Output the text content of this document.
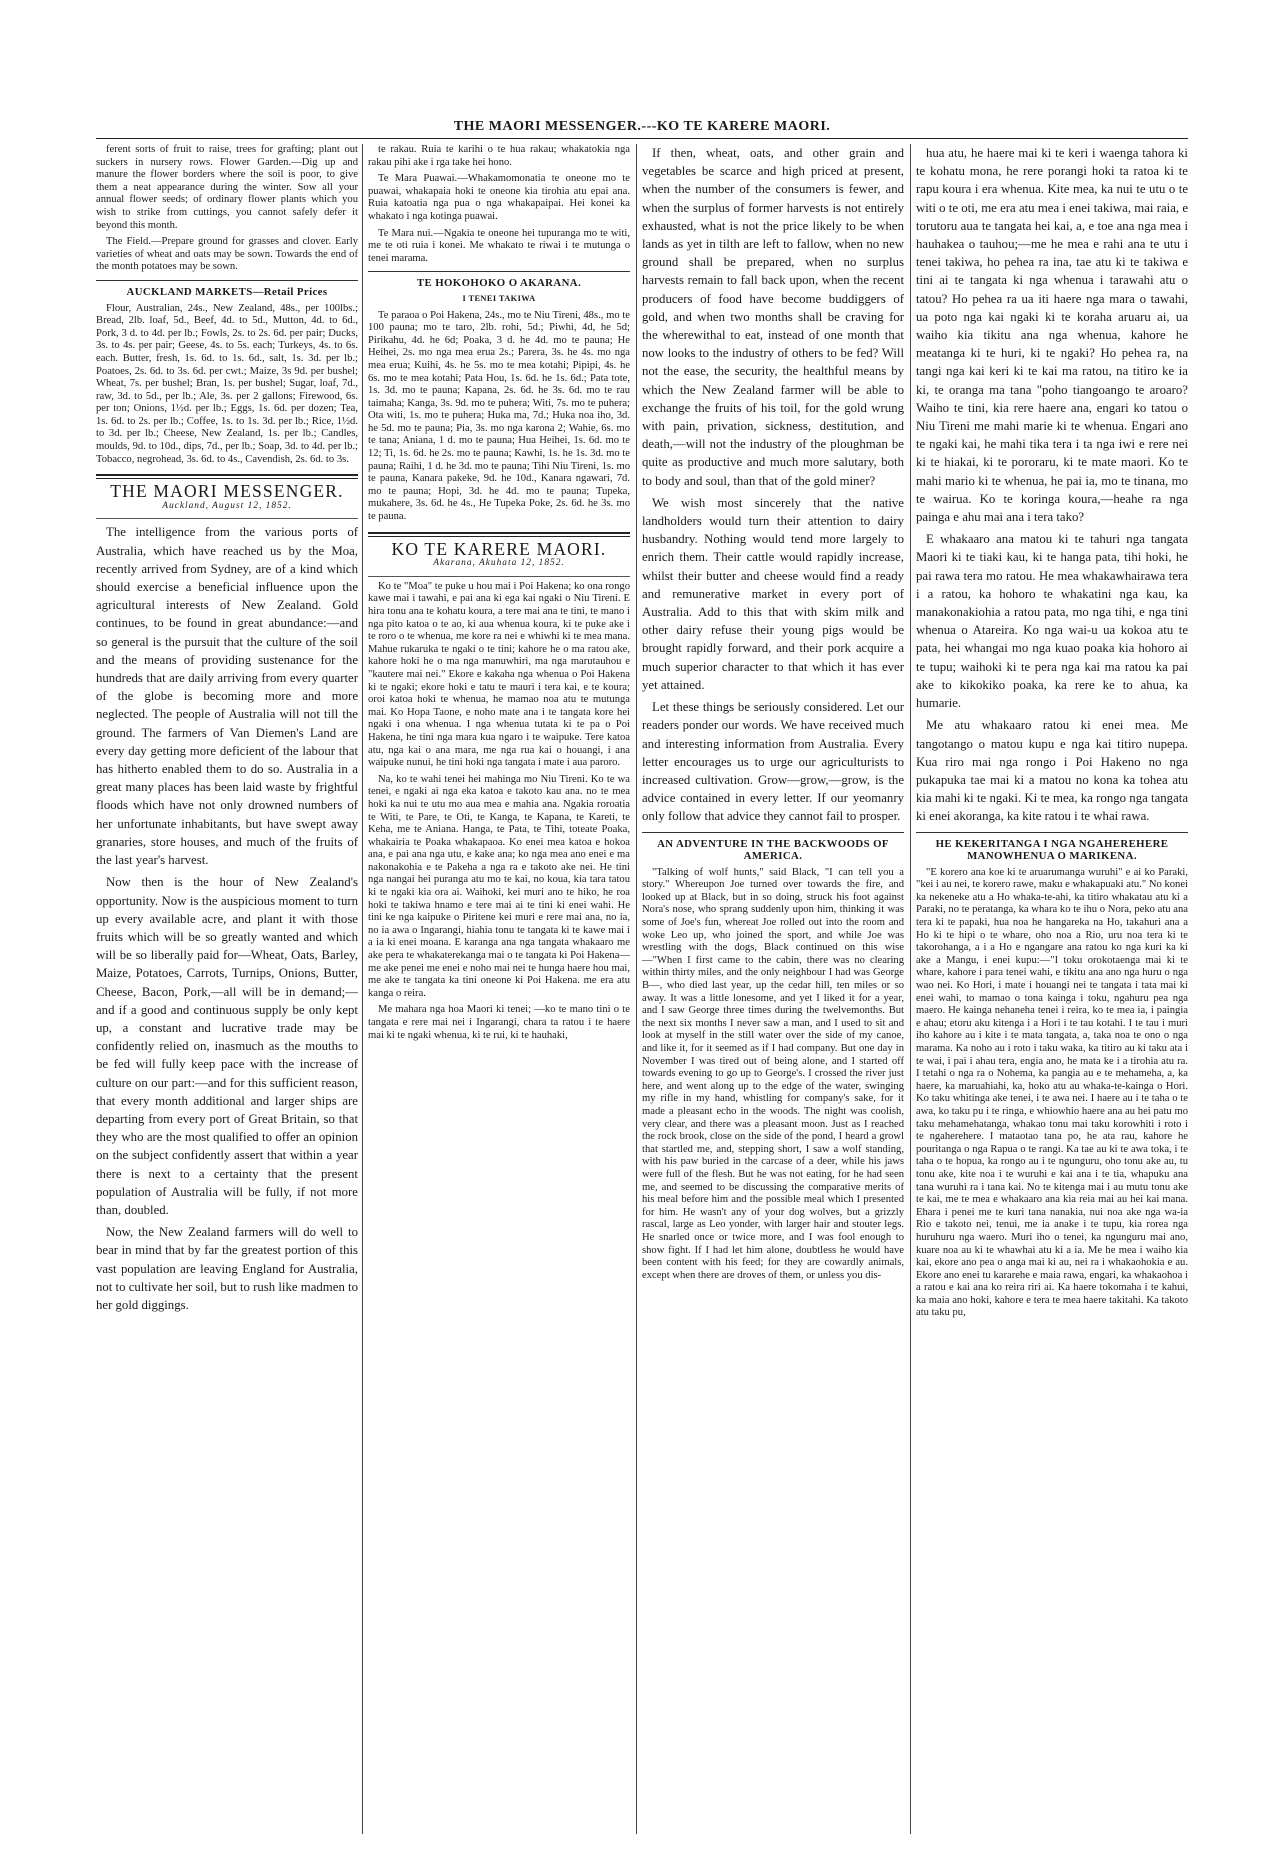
THE MAORI MESSENGER.---KO TE KARERE MAORI.

ferent sorts of fruit to raise, trees for grafting; plant out suckers in nursery rows. Flower Garden.—Dig up and manure the flower borders where the soil is poor, to give them a neat appearance during the winter. Sow all your annual flower seeds; of ordinary flower plants which you wish to strike from cuttings, you cannot safely defer it beyond this month.

The Field.—Prepare ground for grasses and clover. Early varieties of wheat and oats may be sown. Towards the end of the month potatoes may be sown.

AUCKLAND MARKETS—Retail Prices

Flour, Australian, 24s., New Zealand, 48s., per 100lbs.; Bread, 2lb. loaf, 5d., Beef, 4d. to 5d., Mutton, 4d. to 6d., Pork, 3 d. to 4d. per lb.; Fowls, 2s. to 2s. 6d. per pair; Ducks, 3s. to 4s. per pair; Geese, 4s. to 5s. each; Turkeys, 4s. to 6s. each. Butter, fresh, 1s. 6d. to 1s. 6d., salt, 1s. 3d. per lb.; Poatoes, 2s. 6d. to 3s. 6d. per cwt.; Maize, 3s 9d. per bushel; Wheat, 7s. per bushel; Bran, 1s. per bushel; Sugar, loaf, 7d., raw, 3d. to 5d., per lb.; Ale, 3s. per 2 gallons; Firewood, 6s. per ton; Onions, 1½d. per lb.; Eggs, 1s. 6d. per dozen; Tea, 1s. 6d. to 2s. per lb.; Coffee, 1s. to 1s. 3d. per lb.; Rice, 1½d. to 3d. per lb.; Cheese, New Zealand, 1s. per lb.; Candles, moulds, 9d. to 10d., dips, 7d., per lb.; Soap, 3d. to 4d. per lb.; Tobacco, negrohead, 3s. 6d. to 4s., Cavendish, 2s. 6d. to 3s.

THE MAORI MESSENGER.
Auckland, August 12, 1852.

The intelligence from the various ports of Australia, which have reached us by the Moa, recently arrived from Sydney, are of a kind which should exercise a beneficial influence upon the agricultural interests of New Zealand. Gold continues, to be found in great abundance:—and so general is the pursuit that the culture of the soil and the means of providing sustenance for the hundreds that are daily arriving from every quarter of the globe is becoming more and more neglected. The people of Australia will not till the ground. The farmers of Van Diemen's Land are every day getting more deficient of the labour that has hitherto enabled them to do so. Australia in a great many places has been laid waste by frightful floods which have not only drowned numbers of her unfortunate inhabitants, but have swept away granaries, store houses, and much of the fruits of the last year's harvest.

Now then is the hour of New Zealand's opportunity. Now is the auspicious moment to turn up every available acre, and plant it with those fruits which will be so greatly wanted and which will be so liberally paid for—Wheat, Oats, Barley, Maize, Potatoes, Carrots, Turnips, Onions, Butter, Cheese, Bacon, Pork,—all will be in demand;—and if a good and continuous supply be only kept up, a constant and lucrative trade may be confidently relied on, inasmuch as the mouths to be fed will fully keep pace with the increase of culture on our part:—and for this sufficient reason, that every month additional and larger ships are departing from every port of Great Britain, so that they who are the most qualified to offer an opinion on the subject confidently assert that within a year there is next to a certainty that the present population of Australia will be fully, if not more than, doubled.

Now, the New Zealand farmers will do well to bear in mind that by far the greatest portion of this vast population are leaving England for Australia, not to cultivate her soil, but to rush like madmen to her gold diggings.

te rakau. Ruia te karihi o te hua rakau; whakatokia nga rakau pihi ake i rga take hei hono.

Te Mara Puawai.—Whakamomonatia te oneone mo te puawai, whakapaia hoki te oneone kia tirohia atu epai ana. Ruia katoatia nga pua o nga whakapaipai. Hei konei ka whakato i nga kotinga puawai.

Te Mara nui.—Ngakia te oneone hei tupuranga mo te witi, me te oti ruia i konei. Me whakato te riwai i te mutunga o tenei marama.

TE HOKOHOKO O AKARANA.
I TENEI TAKIWA

Te paraoa o Poi Hakena, 24s., mo te Niu Tireni, 48s., mo te 100 pauna; mo te taro, 2lb. rohi, 5d.; Piwhi, 4d, he 5d; Pirikahu, 4d. he 6d; Poaka, 3 d. he 4d. mo te pauna; He Heihei, 2s. mo nga mea erua 2s.; Parera, 3s. he 4s. mo nga mea erua; Kuihi, 4s. he 5s. mo te mea kotahi; Pipipi, 4s. he 6s. mo te mea kotahi; Pata Hou, 1s. 6d. he 1s. 6d.; Pata tote, 1s. 3d. mo te pauna; Kapana, 2s. 6d. he 3s. 6d. mo te rau taimaha; Kanga, 3s. 9d. mo te puhera; Witi, 7s. mo te puhera; Ota witi, 1s. mo te puhera; Huka ma, 7d.; Huka noa iho, 3d. he 5d. mo te pauna; Pia, 3s. mo nga karona 2; Wahie, 6s. mo te tana; Aniana, 1 d. mo te pauna; Hua Heihei, 1s. 6d. mo te 12; Ti, 1s. 6d. he 2s. mo te pauna; Kawhi, 1s. he 1s. 3d. mo te pauna; Raihi, 1 d. he 3d. mo te pauna; Tihi Niu Tireni, 1s. mo te pauna, Kanara pakeke, 9d. he 10d., Kanara ngawari, 7d. mo te pauna; Hopi, 3d. he 4d. mo te pauna; Tupeka, mukahere, 3s. 6d. he 4s., He Tupeka Poke, 2s. 6d. he 3s. mo te pauna.

KO TE KARERE MAORI.
Akarana, Akuhata 12, 1852.

Ko te "Moa" te puke u hou mai i Poi Hakena; ko ona rongo kawe mai i tawahi, e pai ana ki ega kai ngaki o Niu Tireni. E hira tonu ana te kohatu koura, a tere mai ana te tini, te mano i nga pito katoa o te ao, ki aua whenua koura, ki te puke ake i te roro o te whenua, me kore ra nei e whiwhi ki te mea mana. Mahue rukaruka te ngaki o te tini; kahore he o ma ratou ake, kahore hoki he o ma nga manuwhiri, ma nga marutauhou e "kautere mai nei." Ekore e kakaha nga whenua o Poi Hakena ki te ngaki; ekore hoki e tatu te mauri i tera kai, e te koura; oroi katoa hoki te whenua, he mamao noa atu te mutunga mai. Ko Hopa Taone, e noho mate ana i te tangata kore hei ngaki i ona whenua. I nga whenua tutata ki te pa o Poi Hakena, he tini nga mara kua ngaro i te waipuke. Tere katoa atu, nga kai o ana mara, me nga rua kai o houangi, i ana waipuke nunui, he tini hoki nga tangata i mate i aua paroro.

Na, ko te wahi tenei hei mahinga mo Niu Tireni. Ko te wa tenei, e ngaki ai nga eka katoa e takoto kau ana. no te mea hoki ka nui te utu mo aua mea e mahia ana. Ngakia roroatia te Witi, te Pare, te Oti, te Kanga, te Kapana, te Kareti, te Keha, me te Aniana. Hanga, te Pata, te Tihi, toteate Poaka, whakairia te Poaka whakapaoa. Ko enei mea katoa e hokoa ana, e pai ana nga utu, e kake ana; ko nga mea ano enei e ma nakonakohia e te Pakeha a nga ra e takoto ake nei. He tini nga nangai hei puranga atu mo te kai, no koua, kia tara tatou ki te ngaki kia ora ai. Waihoki, kei muri ano te hiko, he roa hoki te takiwa hnamo e tere mai ai te tini ki enei wahi. He tini ke nga kaipuke o Piritene kei muri e rere mai ana, no ia, no ia awa o Ingarangi, hiahia tonu te tangata ki te kawe mai i a ia ki enei moana. E karanga ana nga tangata whakaaro me ake pera te whakaterekanga mai o te tangata ki Poi Hakena—me ake penei me enei e noho mai nei te hunga haere hou mai, me ake te tangata ka tini oneone ki Poi Hakena. me era atu kanga o reira.

Me mahara nga hoa Maori ki tenei; —ko te mano tini o te tangata e rere mai nei i Ingarangi, chara ta ratou i te haere mai ki te ngaki whenua, ki te rui, ki te hauhaki,

If then, wheat, oats, and other grain and vegetables be scarce and high priced at present, when the number of the consumers is fewer, and when the surplus of former harvests is not entirely exhausted, what is not the price likely to be when lands as yet in tilth are left to fallow, when no new ground shall be prepared, when no surplus harvests remain to fall back upon, when the recent producers of food have become buddiggers of gold, and when two months shall be craving for the wherewithal to eat, instead of one month that now looks to the industry of others to be fed? Will not the ease, the security, the healthful means by which the New Zealand farmer will be able to exchange the fruits of his toil, for the gold wrung with pain, privation, sickness, destitution, and death,—will not the industry of the ploughman be quite as productive and much more salutary, both to body and soul, than that of the gold miner?

We wish most sincerely that the native landholders would turn their attention to dairy husbandry. Nothing would tend more largely to enrich them. Their cattle would rapidly increase, whilst their butter and cheese would find a ready and remunerative market in every port of Australia. Add to this that with skim milk and other dairy refuse their young pigs would be brought rapidly forward, and their pork acquire a much superior character to that which it has ever yet attained.

Let these things be seriously considered. Let our readers ponder our words. We have received much and interesting information from Australia. Every letter encourages us to urge our agriculturists to increased cultivation. Grow—grow,—grow, is the advice contained in every letter. If our yeomanry only follow that advice they cannot fail to prosper.

AN ADVENTURE IN THE BACKWOODS OF AMERICA.

"Talking of wolf hunts," said Black, "I can tell you a story." Whereupon Joe turned over towards the fire, and looked up at Black, but in so doing, struck his foot against Nora's nose, who sprang suddenly upon him, thinking it was some of Joe's fun, whereat Joe rolled out into the room and woke Leo up, who joined the sport, and while Joe was wrestling with the dogs, Black continued on this wise—"When I first came to the cabin, there was no clearing within thirty miles, and the only neighbour I had was George B—, who died last year, up the cedar hill, ten miles or so away. It was a little lonesome, and yet I liked it for a year, and I saw George three times during the twelvemonths. But the next six months I never saw a man, and I used to sit and look at myself in the still water over the side of my canoe, and like it, for it seemed as if I had company. But one day in November I was tired out of being alone, and I started off towards evening to go up to George's. I crossed the river just here, and went along up to the edge of the water, swinging my rifle in my hand, whistling for company's sake, for it made a pleasant echo in the woods. The night was coolish, very clear, and there was a pleasant moon. Just as I reached the rock brook, close on the side of the pond, I heard a growl that startled me, and, stepping short, I saw a wolf standing, with his paw buried in the carcase of a deer, while his jaws were full of the flesh. But he was not eating, for he had seen me, and seemed to be discussing the comparative merits of his meal before him and the possible meal which I presented for him. He wasn't any of your dog wolves, but a grizzly rascal, large as Leo yonder, with larger hair and stouter legs. He snarled once or twice more, and I was fool enough to show fight. If I had let him alone, doubtless he would have been content with his feed; for they are cowardly animals, except when there are droves of them, or unless you dis-

hua atu, he haere mai ki te keri i waenga tahora ki te kohatu mona, he rere porangi hoki ta ratoa ki te rapu koura i era whenua. Kite mea, ka nui te utu o te witi o te oti, me era atu mea i enei takiwa, mai raia, e torutoru aua te tangata hei kai, a, e toe ana nga mea i hauhakea o tauhou;—me he mea e rahi ana te utu i tenei takiwa, ho pehea ra ina, tae atu ki te takiwa e tini ai te tangata ki nga whenua i tarawahi atu o tatou? Ho pehea ra ua iti haere nga mara o tawahi, ua poto nga kai ngaki ki te koraha aruaru ai, ua waiho kia tikitu ana nga whenua, kahore he meatanga ki te huri, ki te ngaki? Ho pehea ra, na tangi nga kai keri ki te kai ma ratou, na titiro ke ia ki, te oranga ma tana "poho tiangoango te aroaro? Waiho te tini, kia rere haere ana, engari ko tatou o Niu Tireni me mahi marie ki te whenua. Engari ano te ngaki kai, he mahi tika tera i ta nga iwi e rere nei ki te hiakai, ki te pororaru, ki te mate maori. Ko te mahi mario ki te whenua, he pai ia, mo te tinana, mo te wairua. Ko te koringa koura,—heahe ra nga painga e ahu mai ana i tera tako?

E whakaaro ana matou ki te tahuri nga tangata Maori ki te tiaki kau, ki te hanga pata, tihi hoki, he pai rawa tera mo ratou. He mea whakawhairawa tera i a ratou, ka hohoro te whakatini nga kau, ka manakonakiohia a ratou pata, mo nga tihi, e nga tini whenua o Atareira. Ko nga wai-u ua kokoa atu te pata, hei whangai mo nga kuao poaka kia hohoro ai te tupu; waihoki ki te pera nga kai ma ratou ka pai ake to kikokiko poaka, ka rere ke to ahua, ka humarie.

Me atu whakaaro ratou ki enei mea. Me tangotango o matou kupu e nga kai titiro nupepa. Kua riro mai nga rongo i Poi Hakeno no nga pukapuka tae mai ki a matou no kona ka tohea atu kia mahi ki te ngaki. Ki te mea, ka rongo nga tangata ki enei akoranga, ka kite ratou i te whai rawa.

HE KEKERITANGA I NGA NGAHEREHERE MANOWHENUA O MARIKENA.

"E korero ana koe ki te aruarumanga wuruhi" e ai ko Paraki, "kei i au nei, te korero rawe, maku e whakapuaki atu." No konei ka nekeneke atu a Ho whaka-te-ahi, ka titiro whakatau atu ki a Paraki, no te peratanga, ka whara ko te ihu o Nora, peko atu ana tera ki te papaki, hua noa he hangareka na Ho, takahuri ana a Ho ki te hipi o te whare, oho noa a Rio, uru noa tera ki te takorohanga, a i a Ho e ngangare ana ratou ko nga kuri ka ki ake a Mangu, i enei kupu:—"I toku orokotaenga mai ki te whare, kahore i para tenei wahi, e tikitu ana ano nga huru o nga wao nei. Ko Hori, i mate i houangi nei te tangata i tata mai ki enei wahi, to mamao o tona kainga i toku, ngahuru pea nga maero. He kainga nehaneha tenei i reira, ko te mea ia, i paingia e ahau; etoru aku kitenga i a Hori i te tau kotahi. I te tau i muri iho kahore au i kite i te mata tangata, a, taka noa te ono o nga marama. Ka noho au i roto i taku waka, ka titiro au ki taku ata i te wai, i pai i ahau tera, engia ano, he mata ke i a tirohia atu ra. I tetahi o nga ra o Nohema, ka pangia au e te mehameha, a, ka haere, ka maruahiahi, ka, hoko atu au whaka-te-kainga o Hori. Ko taku whitinga ake tenei, i te awa nei. I haere au i te taha o te awa, ko taku pu i te ringa, e whiowhio haere ana au hei patu mo taku mehamehatanga, whakao tonu mai taku korowhiti i roto i te ngaherehere. I mataotao tana po, he ata rau, kahore he pouritanga o nga Rapua o te rangi. Ka tae au ki te awa toka, i te taha o te hopua, ka rongo au i te ngunguru, oho tonu ake au, tu tonu ake, kite noa i te wuruhi e kai ana i te tia, whapuku ana tana wuruhi ra i tana kai. No te kitenga mai i au mutu tonu ake te kai, me te mea e whakaaro ana kia reia mai au hei kai mana. Ehara i penei me te kuri tana nanakia, nui noa ake nga wa-ia Rio e takoto nei, tenui, me ia anake i te tupu, kia rorea nga huruhuru nga waero. Muri iho o tenei, ka ngunguru mai ano, kuare noa au ki te whawhai atu ki a ia. Me he mea i waiho kia kai, ekore ano pea o anga mai ki au, nei ra i whakaohokia e au. Ekore ano enei tu kararehe e maia rawa, engari, ka whakaohoa i a ratou e kai ana ko reira riri ai. Ka haere tokomaha i te kahui, ka maia ano hoki, kahore e tera te mea haere takitahi. Ka takoto atu taku pu,
